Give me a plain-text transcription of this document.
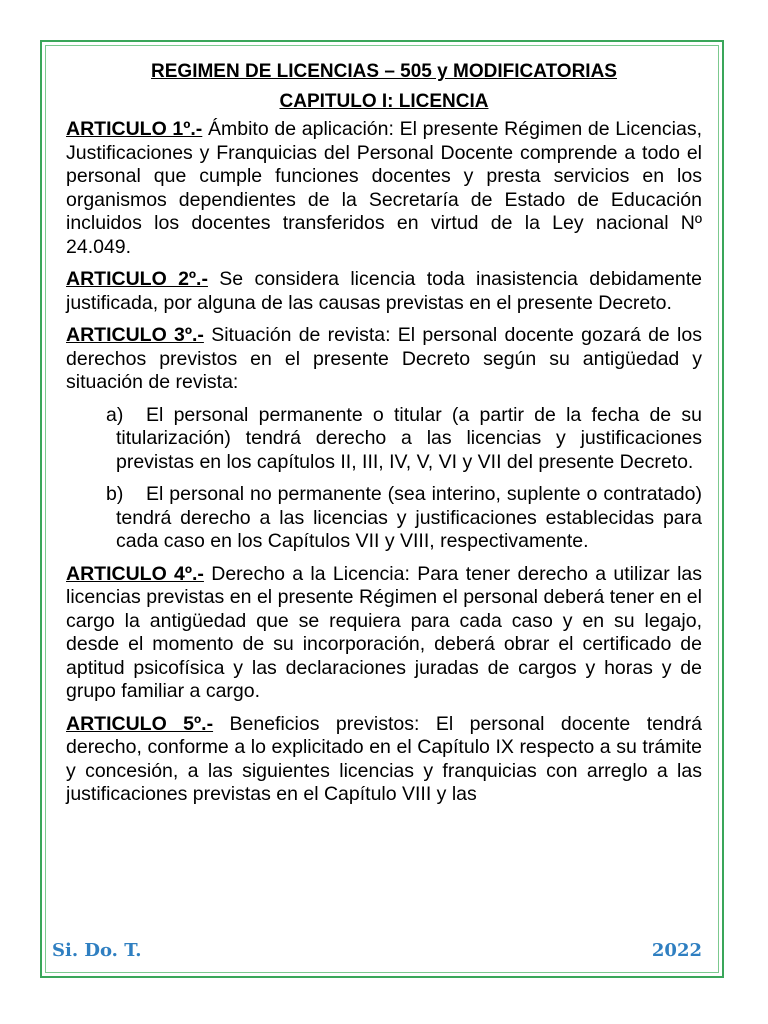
REGIMEN DE LICENCIAS – 505 y MODIFICATORIAS
CAPITULO I: LICENCIA

ARTICULO 1º.- Ámbito de aplicación: El presente Régimen de Licencias, Justificaciones y Franquicias del Personal Docente comprende a todo el personal que cumple funciones docentes y presta servicios en los organismos dependientes de la Secretaría de Estado de Educación incluidos los docentes transferidos en virtud de la Ley nacional Nº 24.049.

ARTICULO 2º.- Se considera licencia toda inasistencia debidamente justificada, por alguna de las causas previstas en el presente Decreto.

ARTICULO 3º.- Situación de revista: El personal docente gozará de los derechos previstos en el presente Decreto según su antigüedad y situación de revista:

a) El personal permanente o titular (a partir de la fecha de su titularización) tendrá derecho a las licencias y justificaciones previstas en los capítulos II, III, IV, V, VI y VII del presente Decreto.

b) El personal no permanente (sea interino, suplente o contratado) tendrá derecho a las licencias y justificaciones establecidas para cada caso en los Capítulos VII y VIII, respectivamente.

ARTICULO 4º.- Derecho a la Licencia: Para tener derecho a utilizar las licencias previstas en el presente Régimen el personal deberá tener en el cargo la antigüedad que se requiera para cada caso y en su legajo, desde el momento de su incorporación, deberá obrar el certificado de aptitud psicofísica y las declaraciones juradas de cargos y horas y de grupo familiar a cargo.

ARTICULO 5º.- Beneficios previstos: El personal docente tendrá derecho, conforme a lo explicitado en el Capítulo IX respecto a su trámite y concesión, a las siguientes licencias y franquicias con arreglo a las justificaciones previstas en el Capítulo VIII y las

Si. Do. T.	2022
